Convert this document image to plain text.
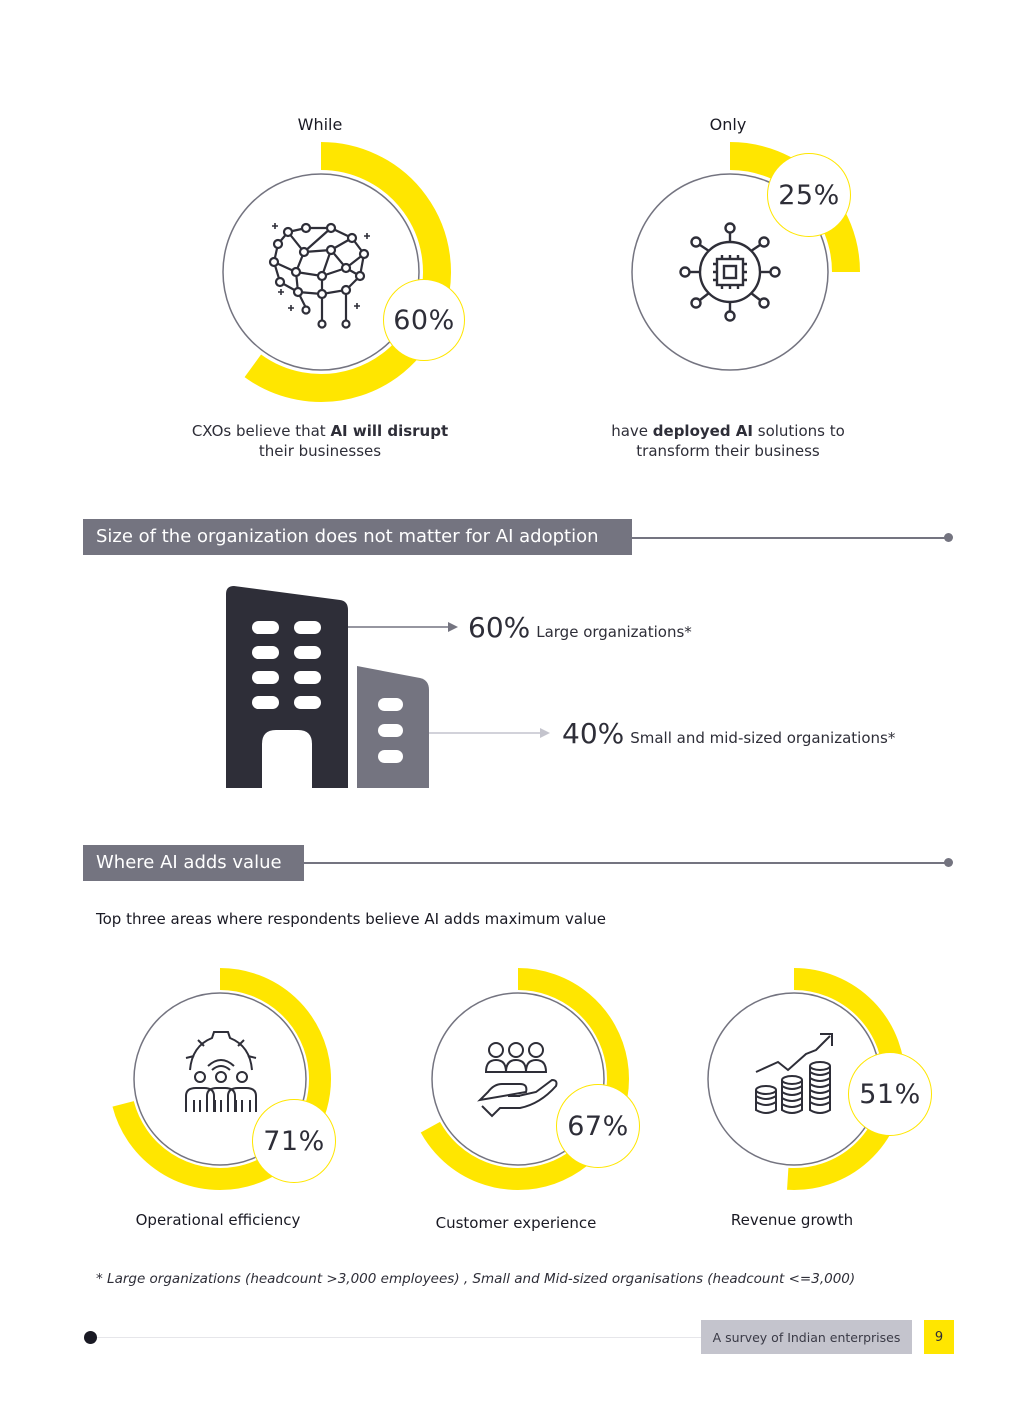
While	Only
60%
25%
CXOs believe that AI will disrupt
their businesses
have deployed AI solutions to
transform their business
Size of the organization does not matter for AI adoption
60% Large organizations*
40% Small and mid-sized organizations*
Where AI adds value
Top three areas where respondents believe AI adds maximum value
71%	67%
51%
Operational efficiency	Customer experience	Revenue growth
* Large organizations (headcount >3,000 employees) , Small and Mid-sized organisations (headcount <=3,000)
A survey of Indian enterprises	9
